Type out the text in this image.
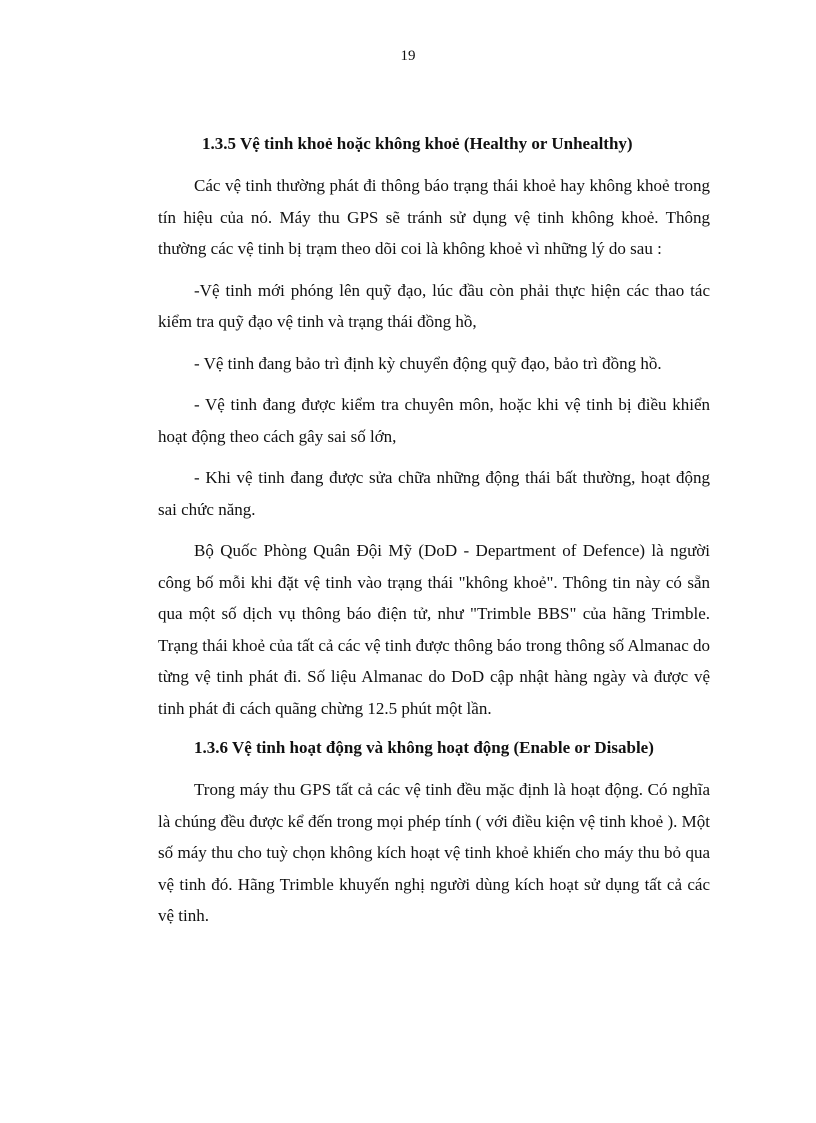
19
1.3.5 Vệ tinh khoẻ hoặc không khoẻ (Healthy or Unhealthy)

Các vệ tinh thường phát đi thông báo trạng thái khoẻ hay không khoẻ trong tín hiệu của nó. Máy thu GPS sẽ tránh sử dụng vệ tinh không khoẻ. Thông thường các vệ tinh bị trạm theo dõi coi là không khoẻ vì những lý do sau :

-Vệ tinh mới phóng lên quỹ đạo, lúc đầu còn phải thực hiện các thao tác kiểm tra quỹ đạo vệ tinh và trạng thái đồng hồ,

- Vệ tinh đang bảo trì định kỳ chuyển động quỹ đạo, bảo trì đồng hồ.

- Vệ tinh đang được kiểm tra chuyên môn, hoặc khi vệ tinh bị điều khiển hoạt động theo cách gây sai số lớn,

- Khi vệ tinh đang được sửa chữa những động thái bất thường, hoạt động sai chức năng.

Bộ Quốc Phòng Quân Đội Mỹ (DoD - Department of Defence) là người công bố mỗi khi đặt vệ tinh vào trạng thái "không khoẻ". Thông tin này có sẵn qua một số dịch vụ thông báo điện tử, như "Trimble BBS" của hãng Trimble. Trạng thái khoẻ của tất cả các vệ tinh được thông báo trong thông số Almanac do từng vệ tinh phát đi. Số liệu Almanac do DoD cập nhật hàng ngày và được vệ tinh phát đi cách quãng chừng 12.5 phút một lần.

1.3.6 Vệ tinh hoạt động và không hoạt động (Enable or Disable)

Trong máy thu GPS tất cả các vệ tinh đều mặc định là hoạt động. Có nghĩa là chúng đều được kể đến trong mọi phép tính ( với điều kiện vệ tinh khoẻ ). Một số máy thu cho tuỳ chọn không kích hoạt vệ tinh khoẻ khiến cho máy thu bỏ qua vệ tinh đó. Hãng Trimble khuyến nghị người dùng kích hoạt sử dụng tất cả các vệ tinh.
